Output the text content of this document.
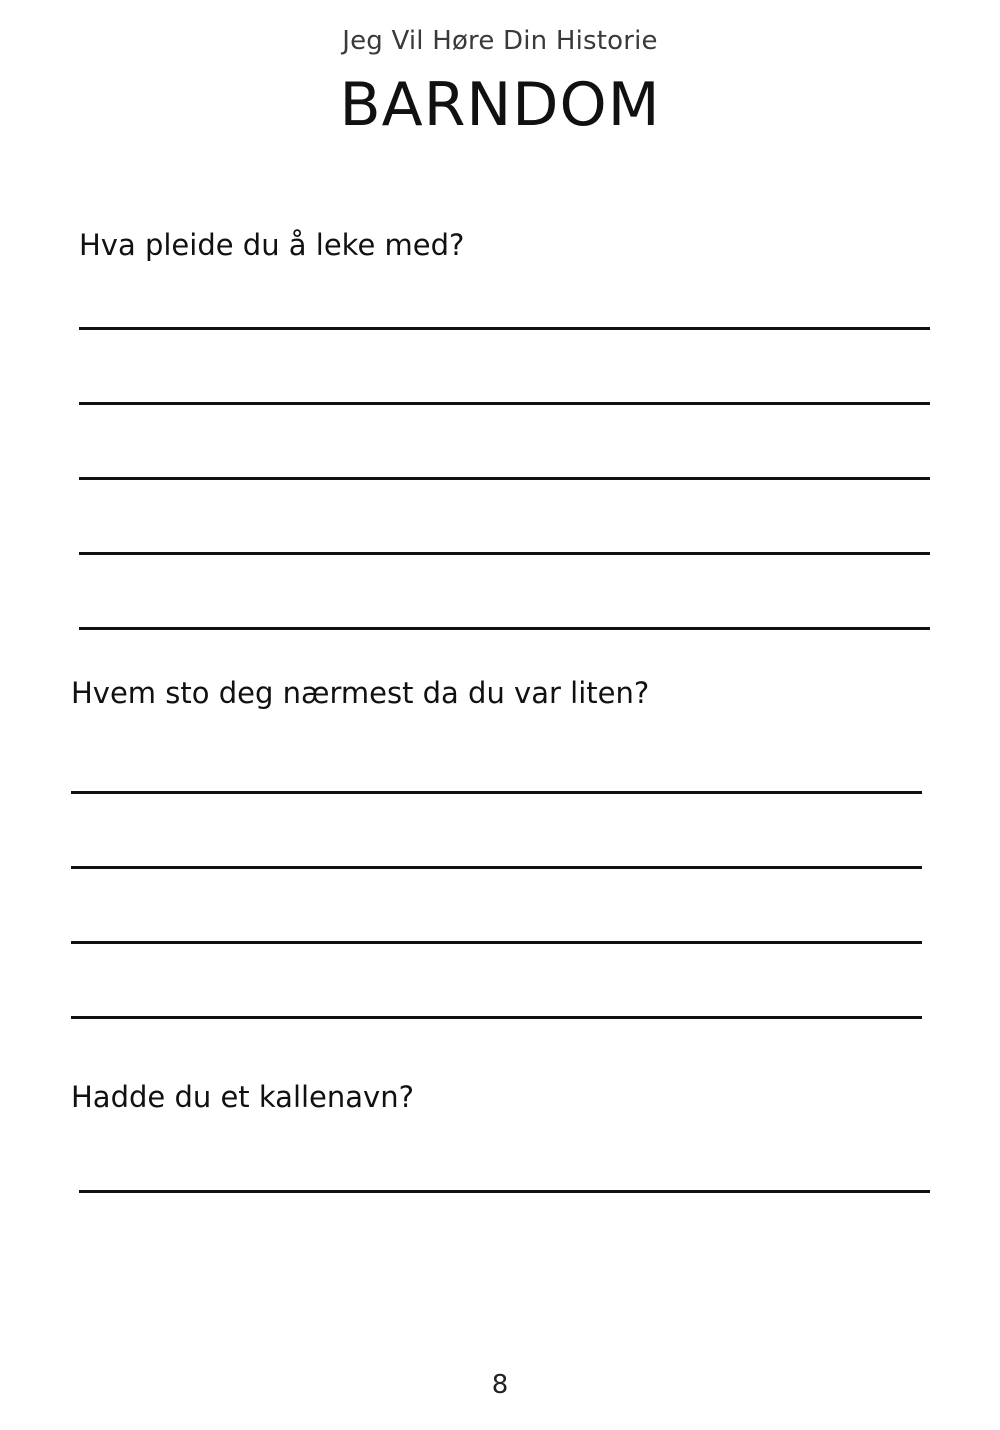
Jeg Vil Høre Din Historie
BARNDOM
Hva pleide du å leke med?
Hvem sto deg nærmest da du var liten?
Hadde du et kallenavn?
8
